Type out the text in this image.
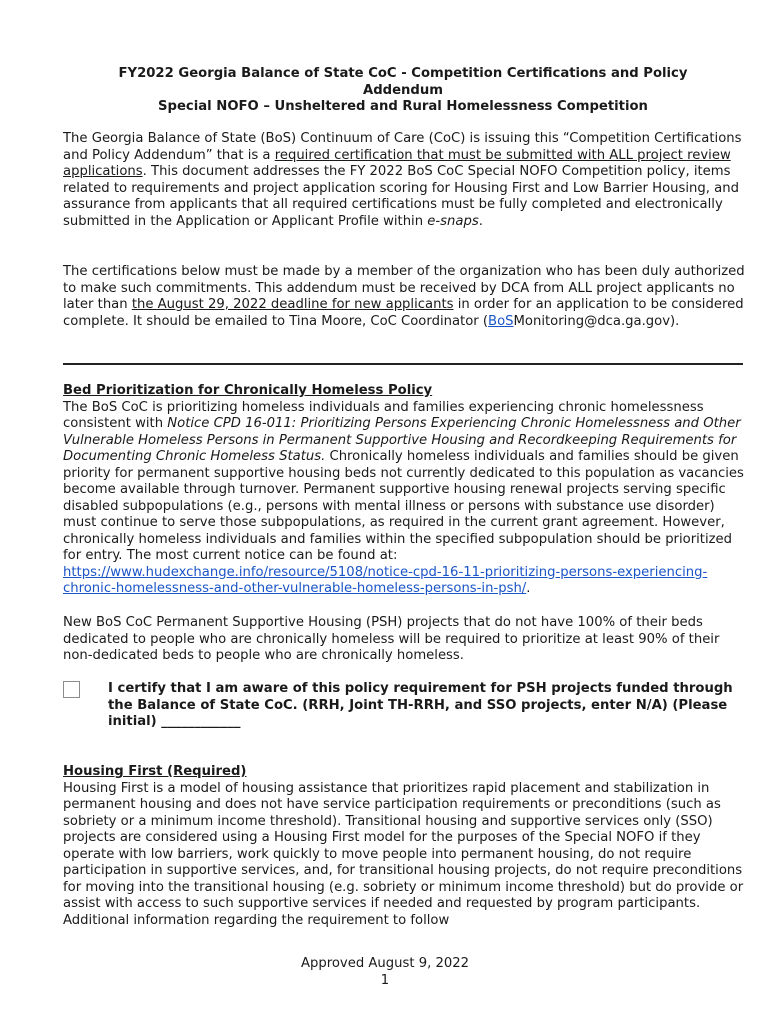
FY2022 Georgia Balance of State CoC - Competition Certifications and Policy
Addendum
Special NOFO – Unsheltered and Rural Homelessness Competition
The Georgia Balance of State (BoS) Continuum of Care (CoC) is issuing this “Competition Certifications and Policy Addendum” that is a required certification that must be submitted with ALL project review applications. This document addresses the FY 2022 BoS CoC Special NOFO Competition policy, items related to requirements and project application scoring for Housing First and Low Barrier Housing, and assurance from applicants that all required certifications must be fully completed and electronically submitted in the Application or Applicant Profile within e-snaps.
The certifications below must be made by a member of the organization who has been duly authorized to make such commitments. This addendum must be received by DCA from ALL project applicants no later than the August 29, 2022 deadline for new applicants in order for an application to be considered complete. It should be emailed to Tina Moore, CoC Coordinator (BoSMonitoring@dca.ga.gov).
Bed Prioritization for Chronically Homeless Policy
The BoS CoC is prioritizing homeless individuals and families experiencing chronic homelessness consistent with Notice CPD 16-011: Prioritizing Persons Experiencing Chronic Homelessness and Other Vulnerable Homeless Persons in Permanent Supportive Housing and Recordkeeping Requirements for Documenting Chronic Homeless Status. Chronically homeless individuals and families should be given priority for permanent supportive housing beds not currently dedicated to this population as vacancies become available through turnover. Permanent supportive housing renewal projects serving specific disabled subpopulations (e.g., persons with mental illness or persons with substance use disorder) must continue to serve those subpopulations, as required in the current grant agreement. However, chronically homeless individuals and families within the specified subpopulation should be prioritized for entry. The most current notice can be found at: https://www.hudexchange.info/resource/5108/notice-cpd-16-11-prioritizing-persons-experiencing-chronic-homelessness-and-other-vulnerable-homeless-persons-in-psh/.
New BoS CoC Permanent Supportive Housing (PSH) projects that do not have 100% of their beds dedicated to people who are chronically homeless will be required to prioritize at least 90% of their non-dedicated beds to people who are chronically homeless.
I certify that I am aware of this policy requirement for PSH projects funded through the Balance of State CoC. (RRH, Joint TH-RRH, and SSO projects, enter N/A) (Please initial) ____________
Housing First (Required)
Housing First is a model of housing assistance that prioritizes rapid placement and stabilization in permanent housing and does not have service participation requirements or preconditions (such as sobriety or a minimum income threshold). Transitional housing and supportive services only (SSO) projects are considered using a Housing First model for the purposes of the Special NOFO if they operate with low barriers, work quickly to move people into permanent housing, do not require participation in supportive services, and, for transitional housing projects, do not require preconditions for moving into the transitional housing (e.g. sobriety or minimum income threshold) but do provide or assist with access to such supportive services if needed and requested by program participants. Additional information regarding the requirement to follow
Approved August 9, 2022
1
